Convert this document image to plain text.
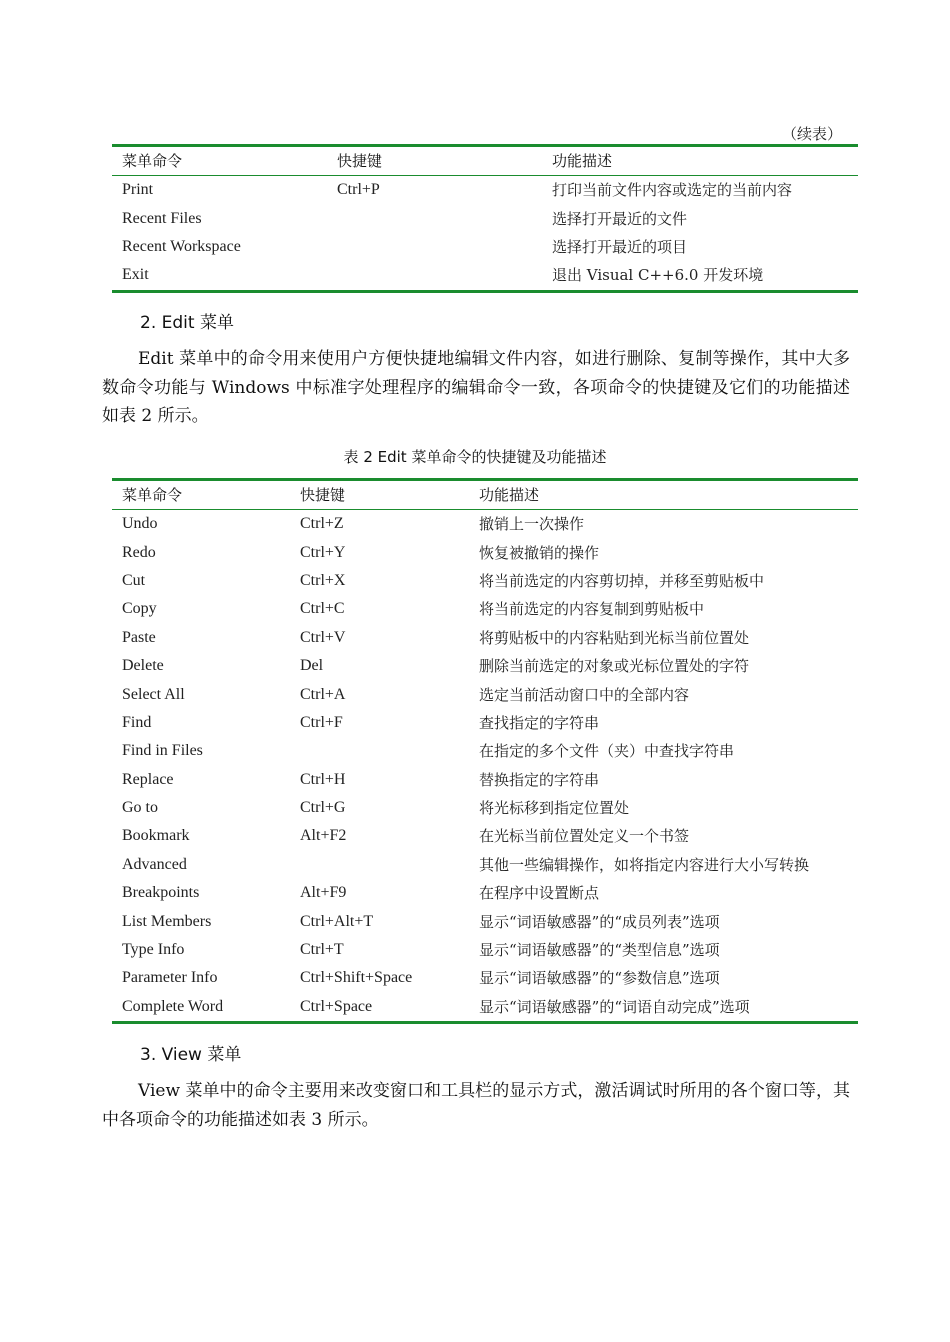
（续表）
菜单命令	快捷键	功能描述
Print	Ctrl+P	打印当前文件内容或选定的当前内容
Recent Files		选择打开最近的文件
Recent Workspace		选择打开最近的项目
Exit		退出 Visual C++6.0 开发环境
2. Edit 菜单
Edit 菜单中的命令用来使用户方便快捷地编辑文件内容，如进行删除、复制等操作，其中大多数命令功能与 Windows 中标准字处理程序的编辑命令一致，各项命令的快捷键及它们的功能描述如表 2 所示。
表 2 Edit 菜单命令的快捷键及功能描述
菜单命令	快捷键	功能描述
Undo	Ctrl+Z	撤销上一次操作
Redo	Ctrl+Y	恢复被撤销的操作
Cut	Ctrl+X	将当前选定的内容剪切掉，并移至剪贴板中
Copy	Ctrl+C	将当前选定的内容复制到剪贴板中
Paste	Ctrl+V	将剪贴板中的内容粘贴到光标当前位置处
Delete	Del	删除当前选定的对象或光标位置处的字符
Select All	Ctrl+A	选定当前活动窗口中的全部内容
Find	Ctrl+F	查找指定的字符串
Find in Files		在指定的多个文件（夹）中查找字符串
Replace	Ctrl+H	替换指定的字符串
Go to	Ctrl+G	将光标移到指定位置处
Bookmark	Alt+F2	在光标当前位置处定义一个书签
Advanced		其他一些编辑操作，如将指定内容进行大小写转换
Breakpoints	Alt+F9	在程序中设置断点
List Members	Ctrl+Alt+T	显示“词语敏感器”的“成员列表”选项
Type Info	Ctrl+T	显示“词语敏感器”的“类型信息”选项
Parameter Info	Ctrl+Shift+Space	显示“词语敏感器”的“参数信息”选项
Complete Word	Ctrl+Space	显示“词语敏感器”的“词语自动完成”选项
3. View 菜单
View 菜单中的命令主要用来改变窗口和工具栏的显示方式，激活调试时所用的各个窗口等，其中各项命令的功能描述如表 3 所示。
